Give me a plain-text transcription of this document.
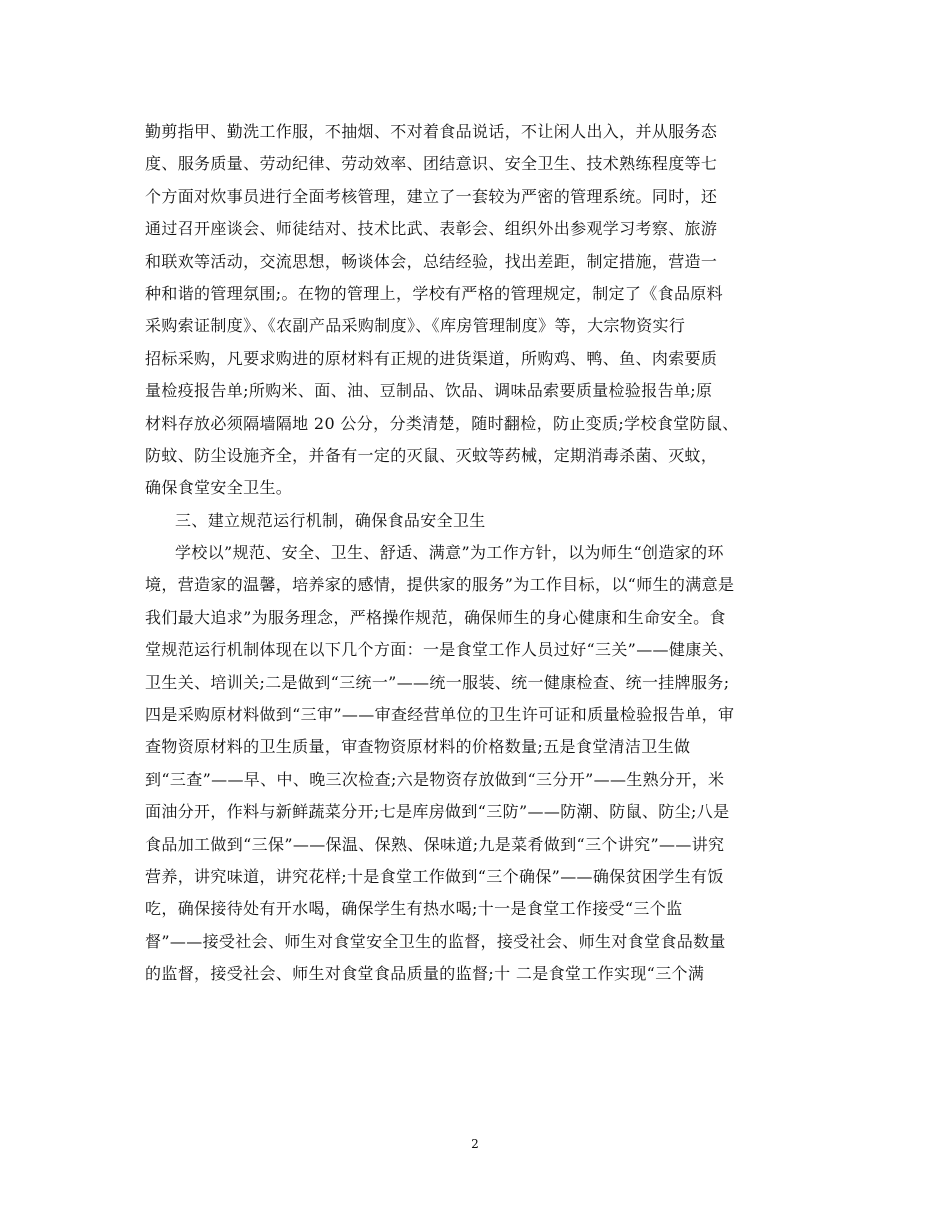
勤剪指甲、勤洗工作服，不抽烟、不对着食品说话，不让闲人出入，并从服务态
度、服务质量、劳动纪律、劳动效率、团结意识、安全卫生、技术熟练程度等七
个方面对炊事员进行全面考核管理，建立了一套较为严密的管理系统。同时，还
通过召开座谈会、师徒结对、技术比武、表彰会、组织外出参观学习考察、旅游
和联欢等活动，交流思想，畅谈体会，总结经验，找出差距，制定措施，营造一
种和谐的管理氛围;。在物的管理上，学校有严格的管理规定，制定了《食品原料
采购索证制度》、《农副产品采购制度》、《库房管理制度》等，大宗物资实行
招标采购，凡要求购进的原材料有正规的进货渠道，所购鸡、鸭、鱼、肉索要质
量检疫报告单;所购米、面、油、豆制品、饮品、调味品索要质量检验报告单;原
材料存放必须隔墙隔地 20 公分，分类清楚，随时翻检，防止变质;学校食堂防鼠、
防蚊、防尘设施齐全，并备有一定的灭鼠、灭蚊等药械，定期消毒杀菌、灭蚊，
确保食堂安全卫生。
三、建立规范运行机制，确保食品安全卫生
学校以”规范、安全、卫生、舒适、满意”为工作方针，以为师生“创造家的环
境，营造家的温馨，培养家的感情，提供家的服务”为工作目标，以“师生的满意是
我们最大追求”为服务理念，严格操作规范，确保师生的身心健康和生命安全。食
堂规范运行机制体现在以下几个方面：一是食堂工作人员过好“三关”——健康关、
卫生关、培训关;二是做到“三统一”——统一服装、统一健康检查、统一挂牌服务;
四是采购原材料做到“三审”——审查经营单位的卫生许可证和质量检验报告单，审
查物资原材料的卫生质量，审查物资原材料的价格数量;五是食堂清洁卫生做
到“三查”——早、中、晚三次检查;六是物资存放做到“三分开”——生熟分开，米
面油分开，作料与新鲜蔬菜分开;七是库房做到“三防”——防潮、防鼠、防尘;八是
食品加工做到“三保”——保温、保熟、保味道;九是菜肴做到“三个讲究”——讲究
营养，讲究味道，讲究花样;十是食堂工作做到“三个确保”——确保贫困学生有饭
吃，确保接待处有开水喝，确保学生有热水喝;十一是食堂工作接受“三个监
督”——接受社会、师生对食堂安全卫生的监督，接受社会、师生对食堂食品数量
的监督，接受社会、师生对食堂食品质量的监督;十 二是食堂工作实现“三个满
2
